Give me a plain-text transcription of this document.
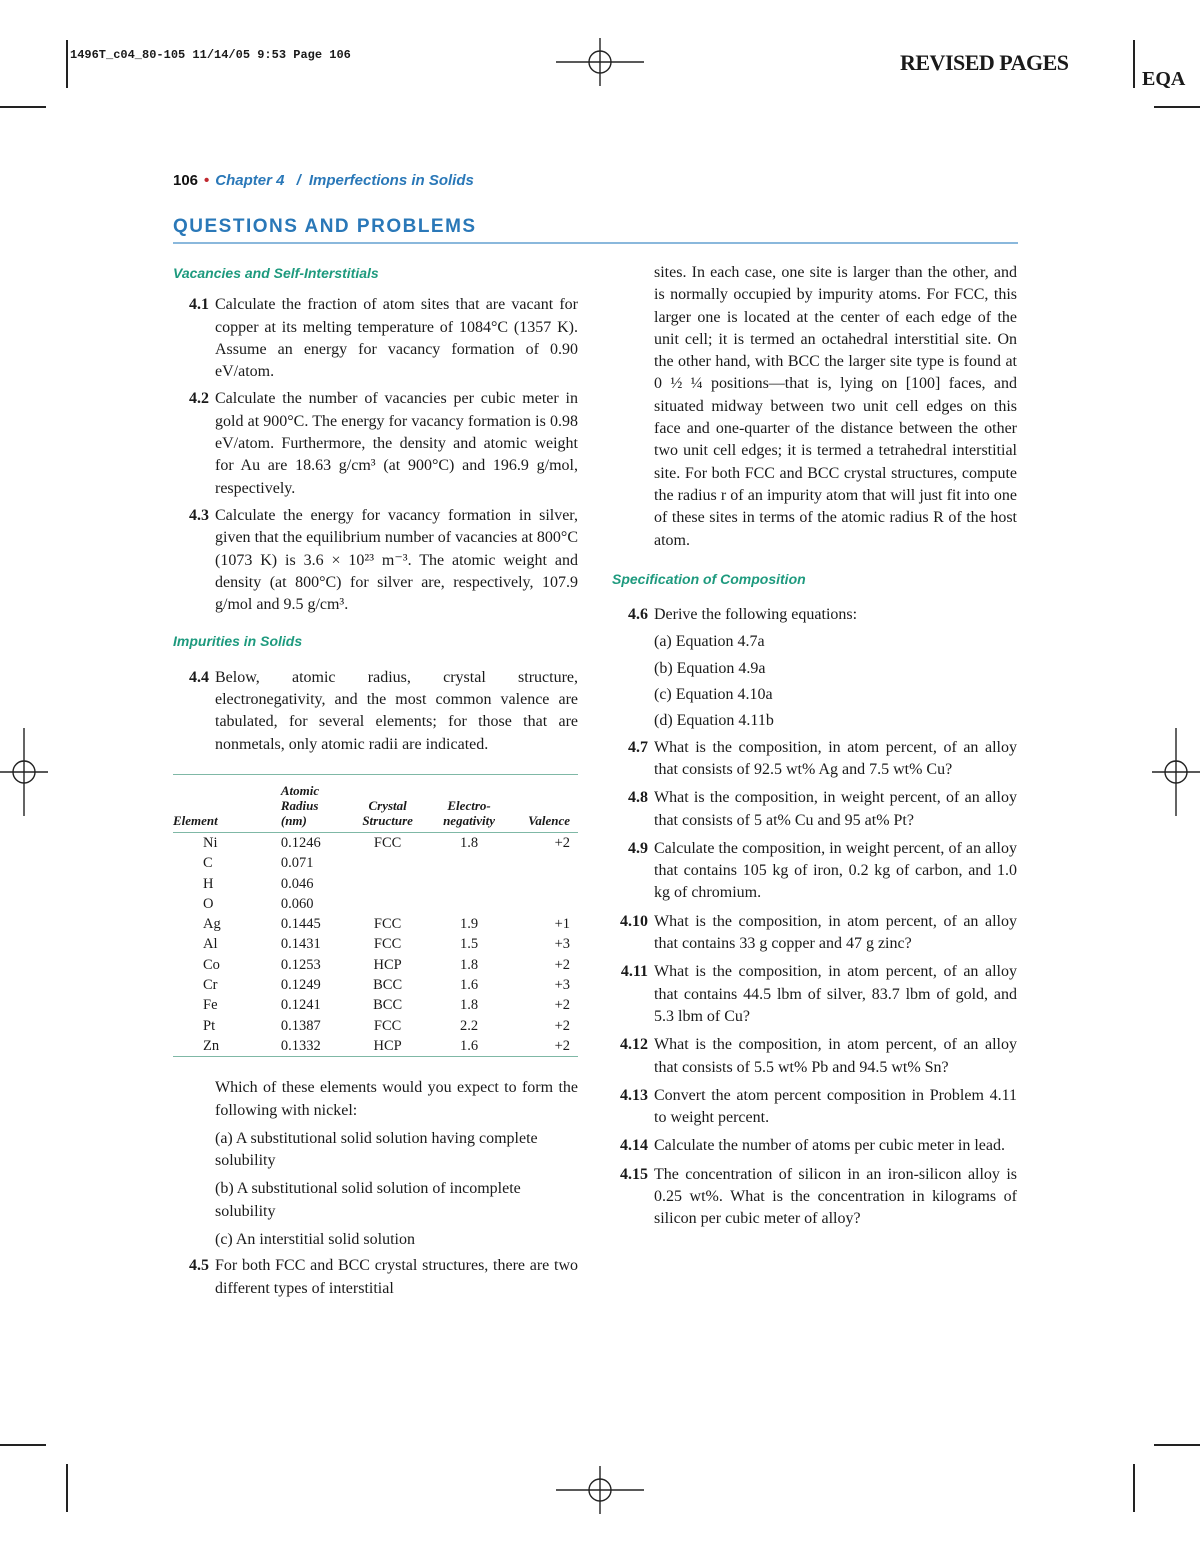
1496T_c04_80-105 11/14/05 9:53 Page 106	REVISED PAGES
EQA
106 • Chapter 4 / Imperfections in Solids
QUESTIONS AND PROBLEMS
Vacancies and Self-Interstitials
4.1 Calculate the fraction of atom sites that are vacant for copper at its melting temperature of 1084°C (1357 K). Assume an energy for vacancy formation of 0.90 eV/atom.
4.2 Calculate the number of vacancies per cubic meter in gold at 900°C. The energy for vacancy formation is 0.98 eV/atom. Furthermore, the density and atomic weight for Au are 18.63 g/cm³ (at 900°C) and 196.9 g/mol, respectively.
4.3 Calculate the energy for vacancy formation in silver, given that the equilibrium number of vacancies at 800°C (1073 K) is 3.6 × 10²³ m⁻³. The atomic weight and density (at 800°C) for silver are, respectively, 107.9 g/mol and 9.5 g/cm³.
Impurities in Solids
4.4 Below, atomic radius, crystal structure, electronegativity, and the most common valence are tabulated, for several elements; for those that are nonmetals, only atomic radii are indicated.

Element	Atomic Radius (nm)	Crystal Structure	Electro-negativity	Valence
Ni	0.1246	FCC	1.8	+2
C	0.071			
H	0.046			
O	0.060			
Ag	0.1445	FCC	1.9	+1
Al	0.1431	FCC	1.5	+3
Co	0.1253	HCP	1.8	+2
Cr	0.1249	BCC	1.6	+3
Fe	0.1241	BCC	1.8	+2
Pt	0.1387	FCC	2.2	+2
Zn	0.1332	HCP	1.6	+2
Which of these elements would you expect to form the following with nickel:
(a) A substitutional solid solution having complete solubility
(b) A substitutional solid solution of incomplete solubility
(c) An interstitial solid solution
4.5 For both FCC and BCC crystal structures, there are two different types of interstitial
sites. In each case, one site is larger than the other, and is normally occupied by impurity atoms. For FCC, this larger one is located at the center of each edge of the unit cell; it is termed an octahedral interstitial site. On the other hand, with BCC the larger site type is found at 0 ½ ¼ positions—that is, lying on [100] faces, and situated midway between two unit cell edges on this face and one-quarter of the distance between the other two unit cell edges; it is termed a tetrahedral interstitial site. For both FCC and BCC crystal structures, compute the radius r of an impurity atom that will just fit into one of these sites in terms of the atomic radius R of the host atom.
Specification of Composition
4.6 Derive the following equations:
(a) Equation 4.7a
(b) Equation 4.9a
(c) Equation 4.10a
(d) Equation 4.11b
4.7 What is the composition, in atom percent, of an alloy that consists of 92.5 wt% Ag and 7.5 wt% Cu?
4.8 What is the composition, in weight percent, of an alloy that consists of 5 at% Cu and 95 at% Pt?
4.9 Calculate the composition, in weight percent, of an alloy that contains 105 kg of iron, 0.2 kg of carbon, and 1.0 kg of chromium.
4.10 What is the composition, in atom percent, of an alloy that contains 33 g copper and 47 g zinc?
4.11 What is the composition, in atom percent, of an alloy that contains 44.5 lbm of silver, 83.7 lbm of gold, and 5.3 lbm of Cu?
4.12 What is the composition, in atom percent, of an alloy that consists of 5.5 wt% Pb and 94.5 wt% Sn?
4.13 Convert the atom percent composition in Problem 4.11 to weight percent.
4.14 Calculate the number of atoms per cubic meter in lead.
4.15 The concentration of silicon in an iron-silicon alloy is 0.25 wt%. What is the concentration in kilograms of silicon per cubic meter of alloy?
